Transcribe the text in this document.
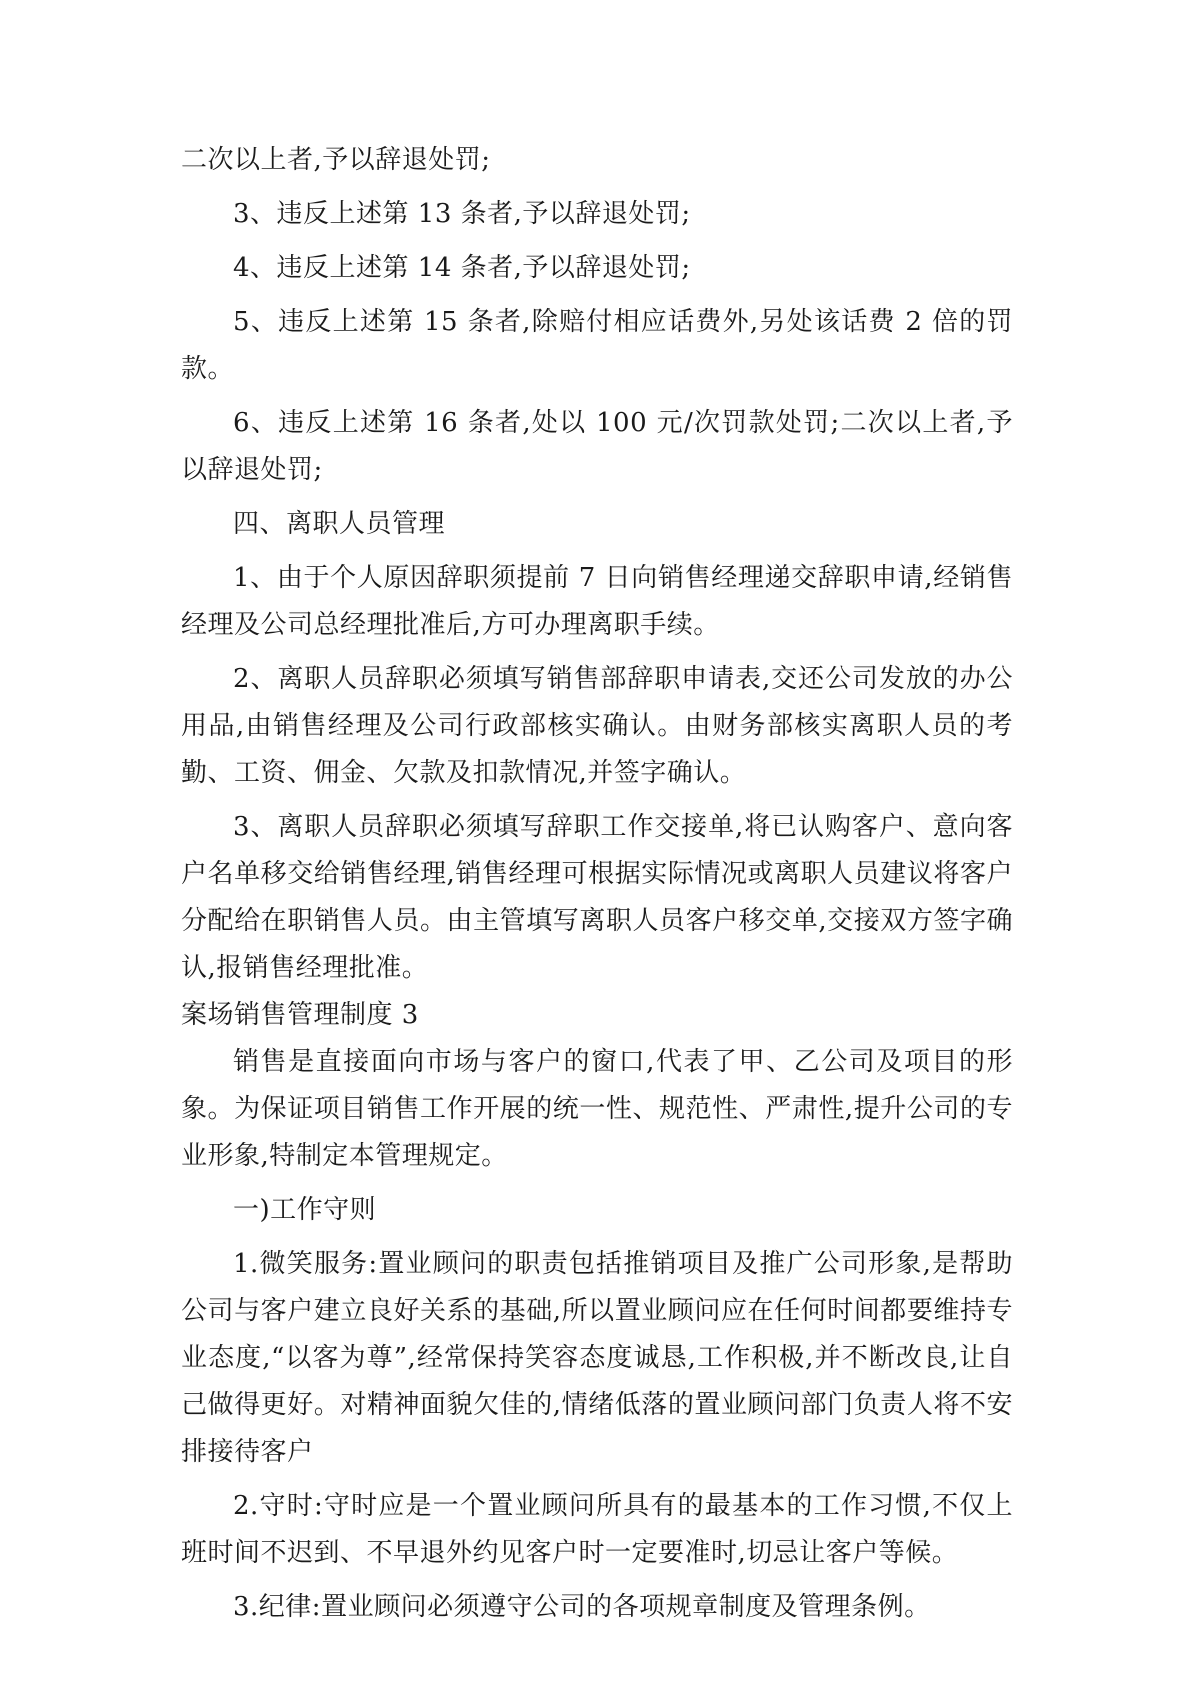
二次以上者,予以辞退处罚;

3、违反上述第 13 条者,予以辞退处罚;

4、违反上述第 14 条者,予以辞退处罚;

5、违反上述第 15 条者,除赔付相应话费外,另处该话费 2 倍的罚款。

6、违反上述第 16 条者,处以 100 元/次罚款处罚;二次以上者,予以辞退处罚;

四、离职人员管理

1、由于个人原因辞职须提前 7 日向销售经理递交辞职申请,经销售经理及公司总经理批准后,方可办理离职手续。

2、离职人员辞职必须填写销售部辞职申请表,交还公司发放的办公用品,由销售经理及公司行政部核实确认。由财务部核实离职人员的考勤、工资、佣金、欠款及扣款情况,并签字确认。

3、离职人员辞职必须填写辞职工作交接单,将已认购客户、意向客户名单移交给销售经理,销售经理可根据实际情况或离职人员建议将客户分配给在职销售人员。由主管填写离职人员客户移交单,交接双方签字确认,报销售经理批准。

案场销售管理制度 3

销售是直接面向市场与客户的窗口,代表了甲、乙公司及项目的形象。为保证项目销售工作开展的统一性、规范性、严肃性,提升公司的专业形象,特制定本管理规定。

一)工作守则

1.微笑服务:置业顾问的职责包括推销项目及推广公司形象,是帮助公司与客户建立良好关系的基础,所以置业顾问应在任何时间都要维持专业态度,“以客为尊”,经常保持笑容态度诚恳,工作积极,并不断改良,让自己做得更好。对精神面貌欠佳的,情绪低落的置业顾问部门负责人将不安排接待客户

2.守时:守时应是一个置业顾问所具有的最基本的工作习惯,不仅上班时间不迟到、不早退外约见客户时一定要准时,切忌让客户等候。

3.纪律:置业顾问必须遵守公司的各项规章制度及管理条例。
